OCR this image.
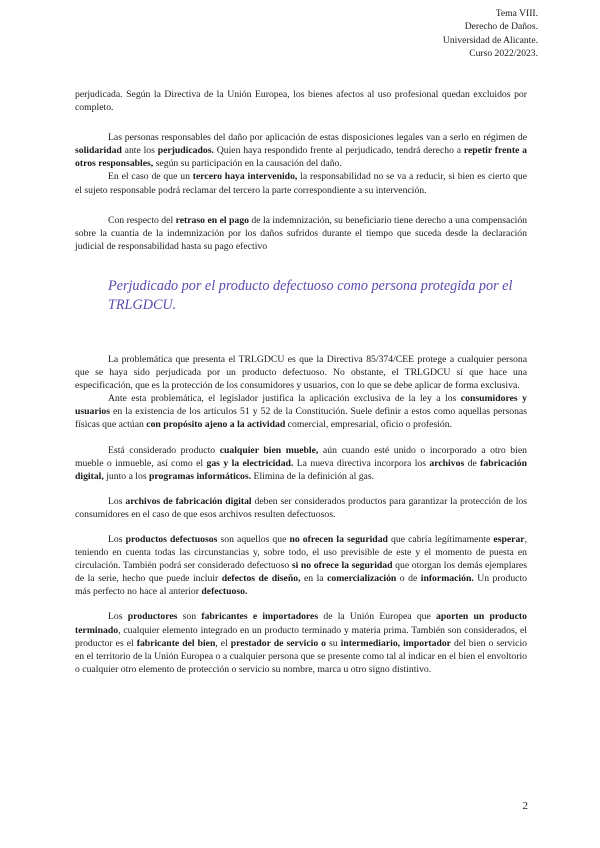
Tema VIII.
Derecho de Daños.
Universidad de Alicante.
Curso 2022/2023.

perjudicada. Según la Directiva de la Unión Europea, los bienes afectos al uso profesional quedan excluidos por completo.

Las personas responsables del daño por aplicación de estas disposiciones legales van a serlo en régimen de solidaridad ante los perjudicados. Quien haya respondido frente al perjudicado, tendrá derecho a repetir frente a otros responsables, según su participación en la causación del daño.

En el caso de que un tercero haya intervenido, la responsabilidad no se va a reducir, si bien es cierto que el sujeto responsable podrá reclamar del tercero la parte correspondiente a su intervención.

Con respecto del retraso en el pago de la indemnización, su beneficiario tiene derecho a una compensación sobre la cuantía de la indemnización por los daños sufridos durante el tiempo que suceda desde la declaración judicial de responsabilidad hasta su pago efectivo

Perjudicado por el producto defectuoso como persona protegida por el TRLGDCU.

La problemática que presenta el TRLGDCU es que la Directiva 85/374/CEE protege a cualquier persona que se haya sido perjudicada por un producto defectuoso. No obstante, el TRLGDCU sí que hace una especificación, que es la protección de los consumidores y usuarios, con lo que se debe aplicar de forma exclusiva.

Ante esta problemática, el legislador justifica la aplicación exclusiva de la ley a los consumidores y usuarios en la existencia de los artículos 51 y 52 de la Constitución. Suele definir a estos como aquellas personas físicas que actúan con propósito ajeno a la actividad comercial, empresarial, oficio o profesión.

Está considerado producto cualquier bien mueble, aún cuando esté unido o incorporado a otro bien mueble o inmueble, así como el gas y la electricidad. La nueva directiva incorpora los archivos de fabricación digital, junto a los programas informáticos. Elimina de la definición al gas.

Los archivos de fabricación digital deben ser considerados productos para garantizar la protección de los consumidores en el caso de que esos archivos resulten defectuosos.

Los productos defectuosos son aquellos que no ofrecen la seguridad que cabría legítimamente esperar, teniendo en cuenta todas las circunstancias y, sobre todo, el uso previsible de este y el momento de puesta en circulación. También podrá ser considerado defectuoso si no ofrece la seguridad que otorgan los demás ejemplares de la serie, hecho que puede incluir defectos de diseño, en la comercialización o de información. Un producto más perfecto no hace al anterior defectuoso.

Los productores son fabricantes e importadores de la Unión Europea que aporten un producto terminado, cualquier elemento integrado en un producto terminado y materia prima. También son considerados, el productor es el fabricante del bien, el prestador de servicio o su intermediario, importador del bien o servicio en el territorio de la Unión Europea o a cualquier persona que se presente como tal al indicar en el bien el envoltorio o cualquier otro elemento de protección o servicio su nombre, marca u otro signo distintivo.

2
